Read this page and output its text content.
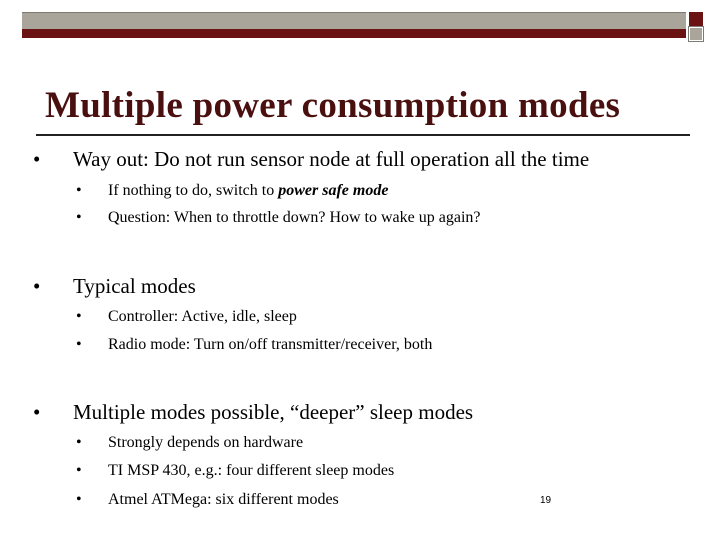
Multiple power consumption modes
• Way out: Do not run sensor node at full operation all the time
• If nothing to do, switch to power safe mode
• Question: When to throttle down? How to wake up again?
• Typical modes
• Controller: Active, idle, sleep
• Radio mode: Turn on/off transmitter/receiver, both
• Multiple modes possible, “deeper” sleep modes
• Strongly depends on hardware
• TI MSP 430, e.g.: four different sleep modes
• Atmel ATMega: six different modes	19
